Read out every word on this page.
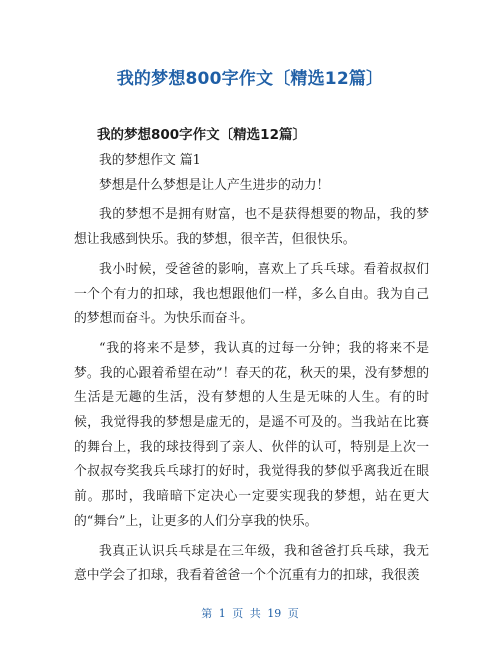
我的梦想800字作文〔精选12篇〕
我的梦想800字作文〔精选12篇〕

我的梦想作文 篇1

梦想是什么梦想是让人产生进步的动力！

我的梦想不是拥有财富，也不是获得想要的物品，我的梦想让我感到快乐。我的梦想，很辛苦，但很快乐。

我小时候，受爸爸的影响，喜欢上了兵乓球。看着叔叔们一个个有力的扣球，我也想跟他们一样，多么自由。我为自己的梦想而奋斗。为快乐而奋斗。

“我的将来不是梦，我认真的过每一分钟；我的将来不是梦。我的心跟着希望在动”！春天的花，秋天的果，没有梦想的生活是无趣的生活，没有梦想的人生是无味的人生。有的时候，我觉得我的梦想是虚无的，是遥不可及的。当我站在比赛的舞台上，我的球技得到了亲人、伙伴的认可，特别是上次一个叔叔夸奖我兵乓球打的好时，我觉得我的梦似乎离我近在眼前。那时，我暗暗下定决心一定要实现我的梦想，站在更大的“舞台”上，让更多的人们分享我的快乐。

我真正认识兵乓球是在三年级，我和爸爸打兵乓球，我无意中学会了扣球，我看着爸爸一个个沉重有力的扣球，我很羡

第 1 页 共 19 页
